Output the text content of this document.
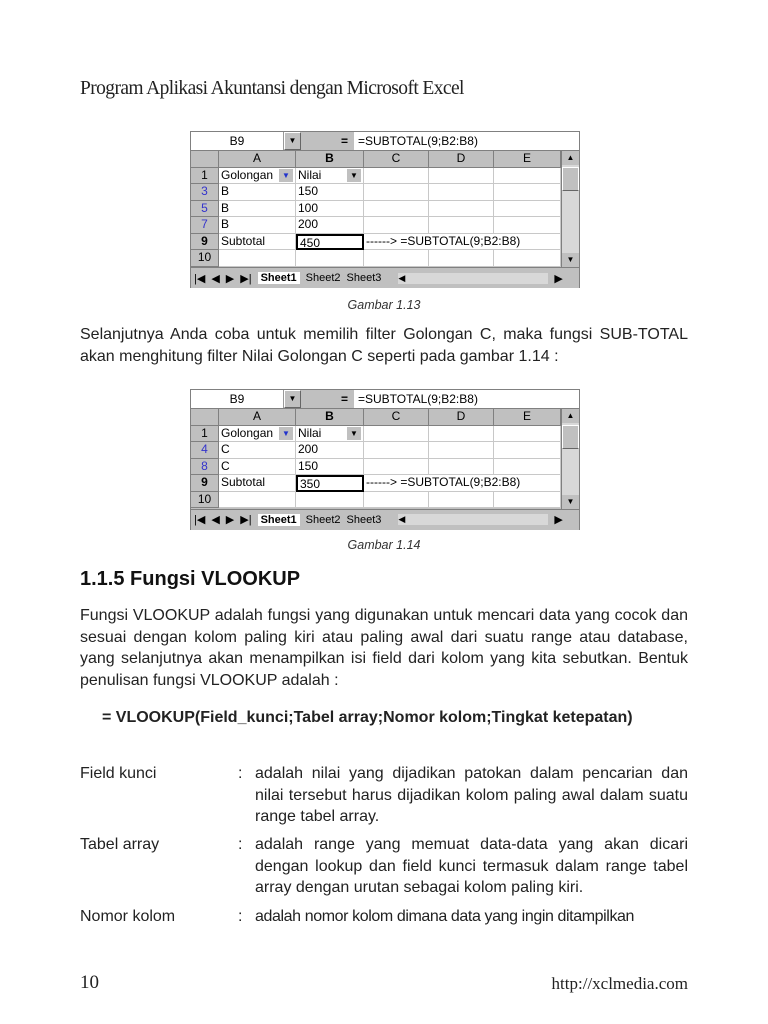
Program Aplikasi Akuntansi dengan Microsoft Excel
B9	▼	= =SUBTOTAL(9;B2:B8)
A	B	C	D	E
1	Golongan	▼ Nilai	▼
3	B	150
5	B	100
7	B	200
9	Subtotal	450	------> =SUBTOTAL(9;B2:B8)
10
▲
▼
|◀ ◀ ▶ ▶| Sheet1 Sheet2 Sheet3 ◀	▶
Gambar 1.13
Selanjutnya Anda coba untuk memilih filter Golongan C, maka fungsi SUB-TOTAL akan menghitung filter Nilai Golongan C seperti pada gambar 1.14 :
B9	▼	= =SUBTOTAL(9;B2:B8)
A	B	C	D	E
1	Golongan	▼ Nilai	▼
4	C	200
8	C	150
9	Subtotal	350	------> =SUBTOTAL(9;B2:B8)
10
▲
▼
|◀ ◀ ▶ ▶| Sheet1 Sheet2 Sheet3 ◀	▶
Gambar 1.14
1.1.5 Fungsi VLOOKUP
Fungsi VLOOKUP adalah fungsi yang digunakan untuk mencari data yang cocok dan sesuai dengan kolom paling kiri atau paling awal dari suatu range atau database, yang selanjutnya akan menampilkan isi field dari kolom yang kita sebutkan. Bentuk penulisan fungsi VLOOKUP adalah :
= VLOOKUP(Field_kunci;Tabel array;Nomor kolom;Tingkat ketepatan)
Field kunci	: adalah nilai yang dijadikan patokan dalam pencarian dan nilai tersebut harus dijadikan kolom paling awal dalam suatu range tabel array.
Tabel array	: adalah range yang memuat data-data yang akan dicari dengan lookup dan field kunci termasuk dalam range tabel array dengan urutan sebagai kolom paling kiri.
Nomor kolom	: adalah nomor kolom dimana data yang ingin ditampilkan
10	http://xclmedia.com
